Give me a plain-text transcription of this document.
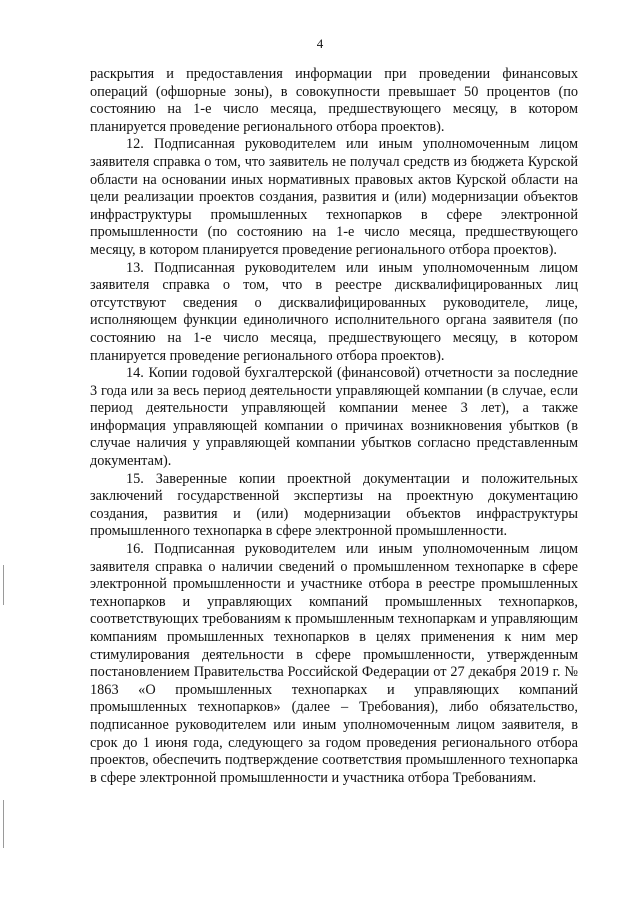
4

раскрытия и предоставления информации при проведении финансовых операций (офшорные зоны), в совокупности превышает 50 процентов (по состоянию на 1-е число месяца, предшествующего месяцу, в котором планируется проведение регионального отбора проектов).

12. Подписанная руководителем или иным уполномоченным лицом заявителя справка о том, что заявитель не получал средств из бюджета Курской области на основании иных нормативных правовых актов Курской области на цели реализации проектов создания, развития и (или) модернизации объектов инфраструктуры промышленных технопарков в сфере электронной промышленности (по состоянию на 1-е число месяца, предшествующего месяцу, в котором планируется проведение регионального отбора проектов).

13. Подписанная руководителем или иным уполномоченным лицом заявителя справка о том, что в реестре дисквалифицированных лиц отсутствуют сведения о дисквалифицированных руководителе, лице, исполняющем функции единоличного исполнительного органа заявителя (по состоянию на 1-е число месяца, предшествующего месяцу, в котором планируется проведение регионального отбора проектов).

14. Копии годовой бухгалтерской (финансовой) отчетности за последние 3 года или за весь период деятельности управляющей компании (в случае, если период деятельности управляющей компании менее 3 лет), а также информация управляющей компании о причинах возникновения убытков (в случае наличия у управляющей компании убытков согласно представленным документам).

15. Заверенные копии проектной документации и положительных заключений государственной экспертизы на проектную документацию создания, развития и (или) модернизации объектов инфраструктуры промышленного технопарка в сфере электронной промышленности.

16. Подписанная руководителем или иным уполномоченным лицом заявителя справка о наличии сведений о промышленном технопарке в сфере электронной промышленности и участнике отбора в реестре промышленных технопарков и управляющих компаний промышленных технопарков, соответствующих требованиям к промышленным технопаркам и управляющим компаниям промышленных технопарков в целях применения к ним мер стимулирования деятельности в сфере промышленности, утвержденным постановлением Правительства Российской Федерации от 27 декабря 2019 г. № 1863 «О промышленных технопарках и управляющих компаний промышленных технопарков» (далее – Требования), либо обязательство, подписанное руководителем или иным уполномоченным лицом заявителя, в срок до 1 июня года, следующего за годом проведения регионального отбора проектов, обеспечить подтверждение соответствия промышленного технопарка в сфере электронной промышленности и участника отбора Требованиям.
